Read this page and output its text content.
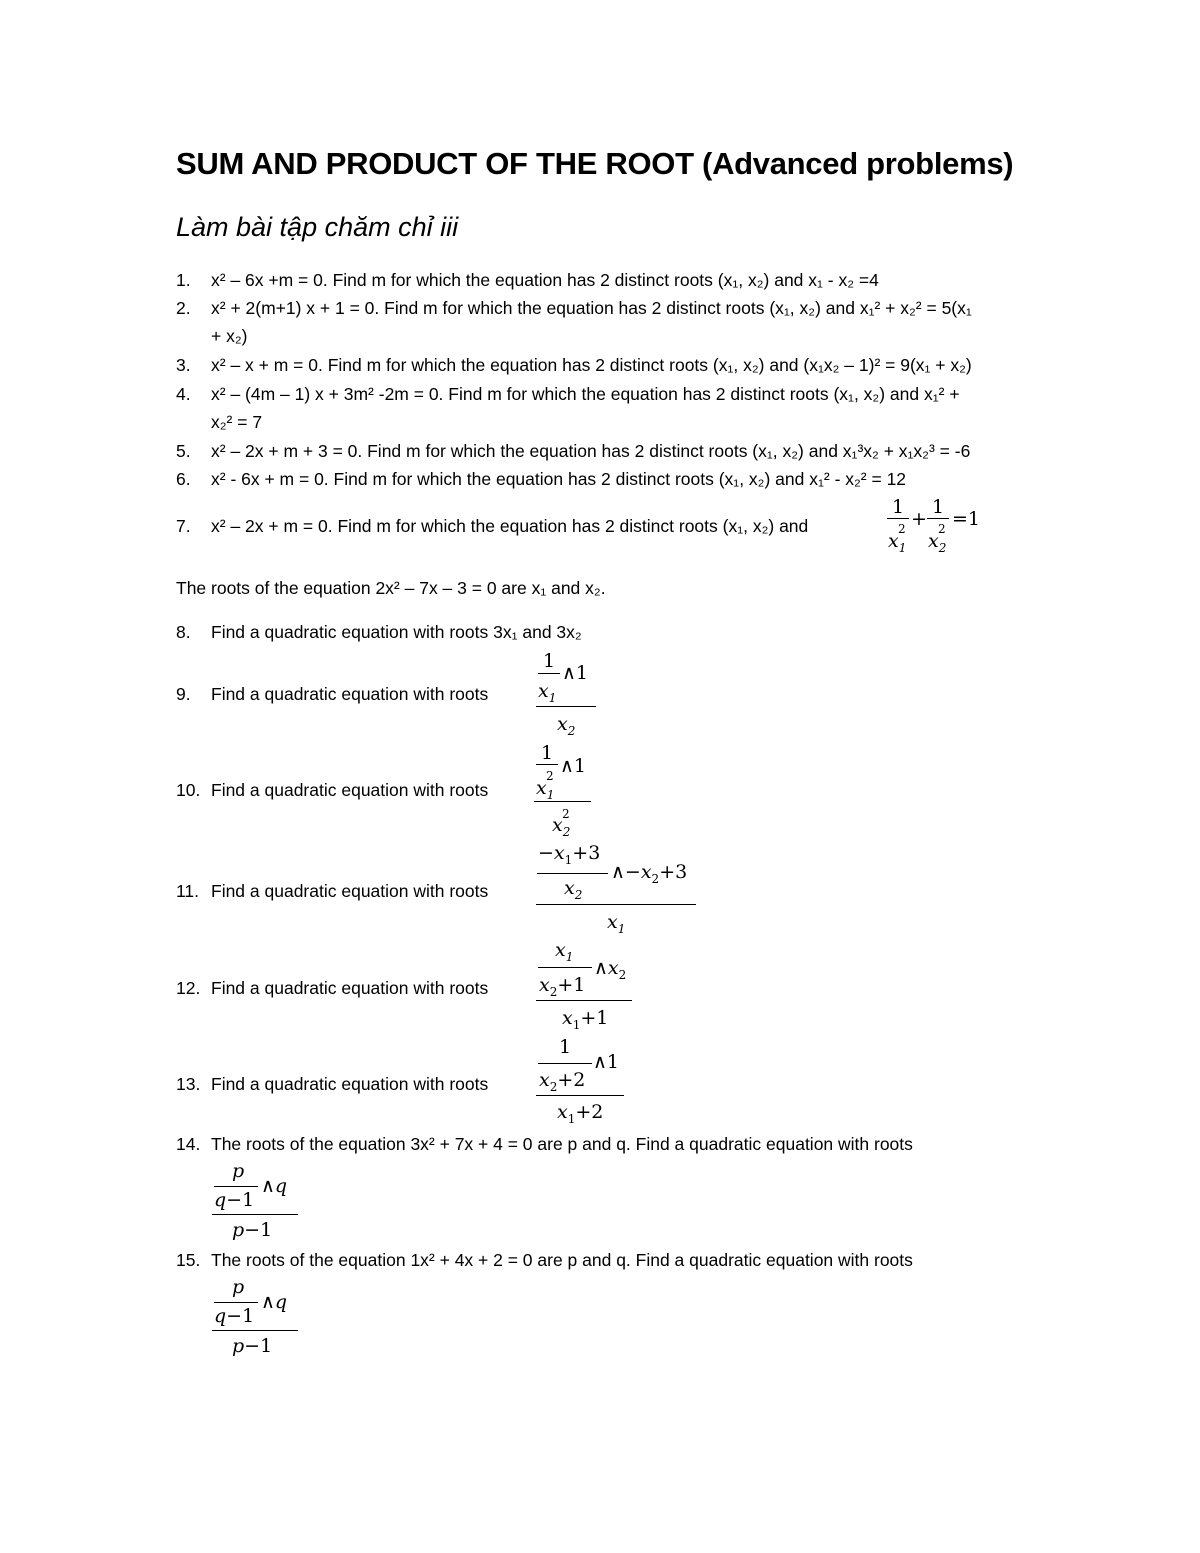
SUM AND PRODUCT OF THE ROOT (Advanced problems)
Làm bài tập chăm chỉ iii
1. x² – 6x +m = 0. Find m for which the equation has 2 distinct roots (x₁, x₂) and x₁ - x₂ =4
2. x² + 2(m+1) x + 1 = 0. Find m for which the equation has 2 distinct roots (x₁, x₂) and x₁² + x₂² = 5(x₁
+ x₂)
3. x² – x + m = 0. Find m for which the equation has 2 distinct roots (x₁, x₂) and (x₁x₂ – 1)² = 9(x₁ + x₂)
4. x² – (4m – 1) x + 3m² -2m = 0. Find m for which the equation has 2 distinct roots (x₁, x₂) and x₁² +
x₂² = 7
5. x² – 2x + m + 3 = 0. Find m for which the equation has 2 distinct roots (x₁, x₂) and x₁³x₂ + x₁x₂³ = -6
6. x² - 6x + m = 0. Find m for which the equation has 2 distinct roots (x₁, x₂) and x₁² - x₂² = 12
7. x² – 2x + m = 0. Find m for which the equation has 2 distinct roots (x₁, x₂) and
1
$x_1$
2 +
1
$x_2$
2 =1
The roots of the equation 2x² – 7x – 3 = 0 are x₁ and x₂.
8. Find a quadratic equation with roots 3x₁ and 3x₂
9. Find a quadratic equation with roots
1
∧1
$x_1$
$x_2$
10. Find a quadratic equation with roots
1
∧1
2
$x_1$
2
$x_2$
11. Find a quadratic equation with roots
$-x_1+3$
$\wedge-x_2+3$
$x_2$
$x_1$
12. Find a quadratic equation with roots
$x_1$
$\wedge x_2$
$x_2+1$
$x_1+1$
13. Find a quadratic equation with roots
1
∧1
$x_2+2$
$x_1+2$
14. The roots of the equation 3x² + 7x + 4 = 0 are p and q. Find a quadratic equation with roots
p
∧q
q−1
p−1
15. The roots of the equation 1x² + 4x + 2 = 0 are p and q. Find a quadratic equation with roots
p
∧q
q−1
p−1
